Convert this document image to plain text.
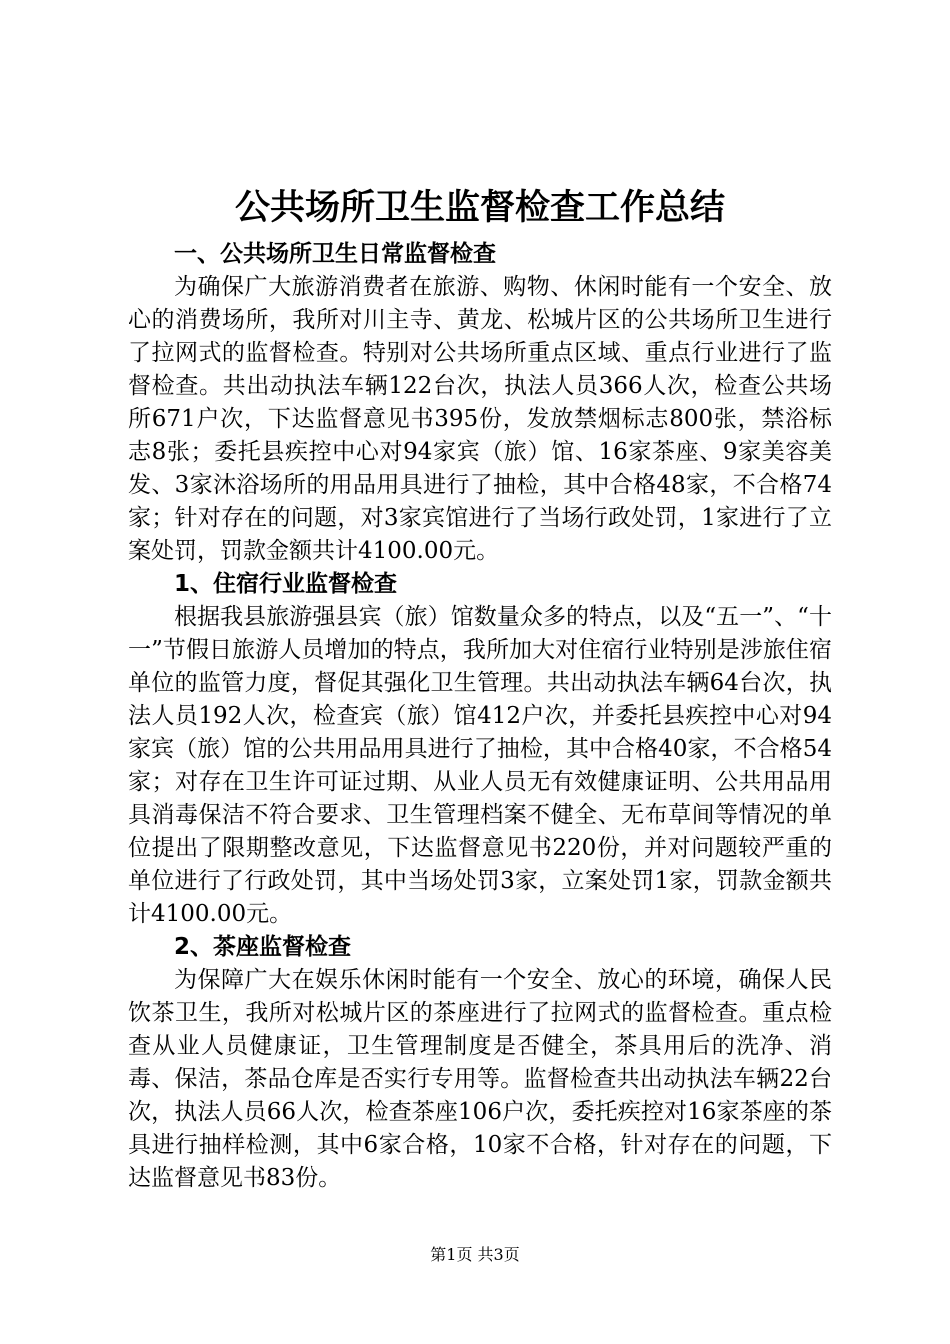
公共场所卫生监督检查工作总结
一、公共场所卫生日常监督检查

为确保广大旅游消费者在旅游、购物、休闲时能有一个安全、放心的消费场所，我所对川主寺、黄龙、松城片区的公共场所卫生进行了拉网式的监督检查。特别对公共场所重点区域、重点行业进行了监督检查。共出动执法车辆122台次，执法人员366人次，检查公共场所671户次，下达监督意见书395份，发放禁烟标志800张，禁浴标志8张；委托县疾控中心对94家宾（旅）馆、16家茶座、9家美容美发、3家沐浴场所的用品用具进行了抽检，其中合格48家，不合格74家；针对存在的问题，对3家宾馆进行了当场行政处罚，1家进行了立案处罚，罚款金额共计4100.00元。

1、住宿行业监督检查

根据我县旅游强县宾（旅）馆数量众多的特点，以及“五一”、“十一”节假日旅游人员增加的特点，我所加大对住宿行业特别是涉旅住宿单位的监管力度，督促其强化卫生管理。共出动执法车辆64台次，执法人员192人次，检查宾（旅）馆412户次，并委托县疾控中心对94家宾（旅）馆的公共用品用具进行了抽检，其中合格40家，不合格54家；对存在卫生许可证过期、从业人员无有效健康证明、公共用品用具消毒保洁不符合要求、卫生管理档案不健全、无布草间等情况的单位提出了限期整改意见，下达监督意见书220份，并对问题较严重的单位进行了行政处罚，其中当场处罚3家，立案处罚1家，罚款金额共计4100.00元。

2、茶座监督检查

为保障广大在娱乐休闲时能有一个安全、放心的环境，确保人民饮茶卫生，我所对松城片区的茶座进行了拉网式的监督检查。重点检查从业人员健康证，卫生管理制度是否健全，茶具用后的洗净、消毒、保洁，茶品仓库是否实行专用等。监督检查共出动执法车辆22台次，执法人员66人次，检查茶座106户次，委托疾控对16家茶座的茶具进行抽样检测，其中6家合格，10家不合格，针对存在的问题，下达监督意见书83份。

第1页 共3页
